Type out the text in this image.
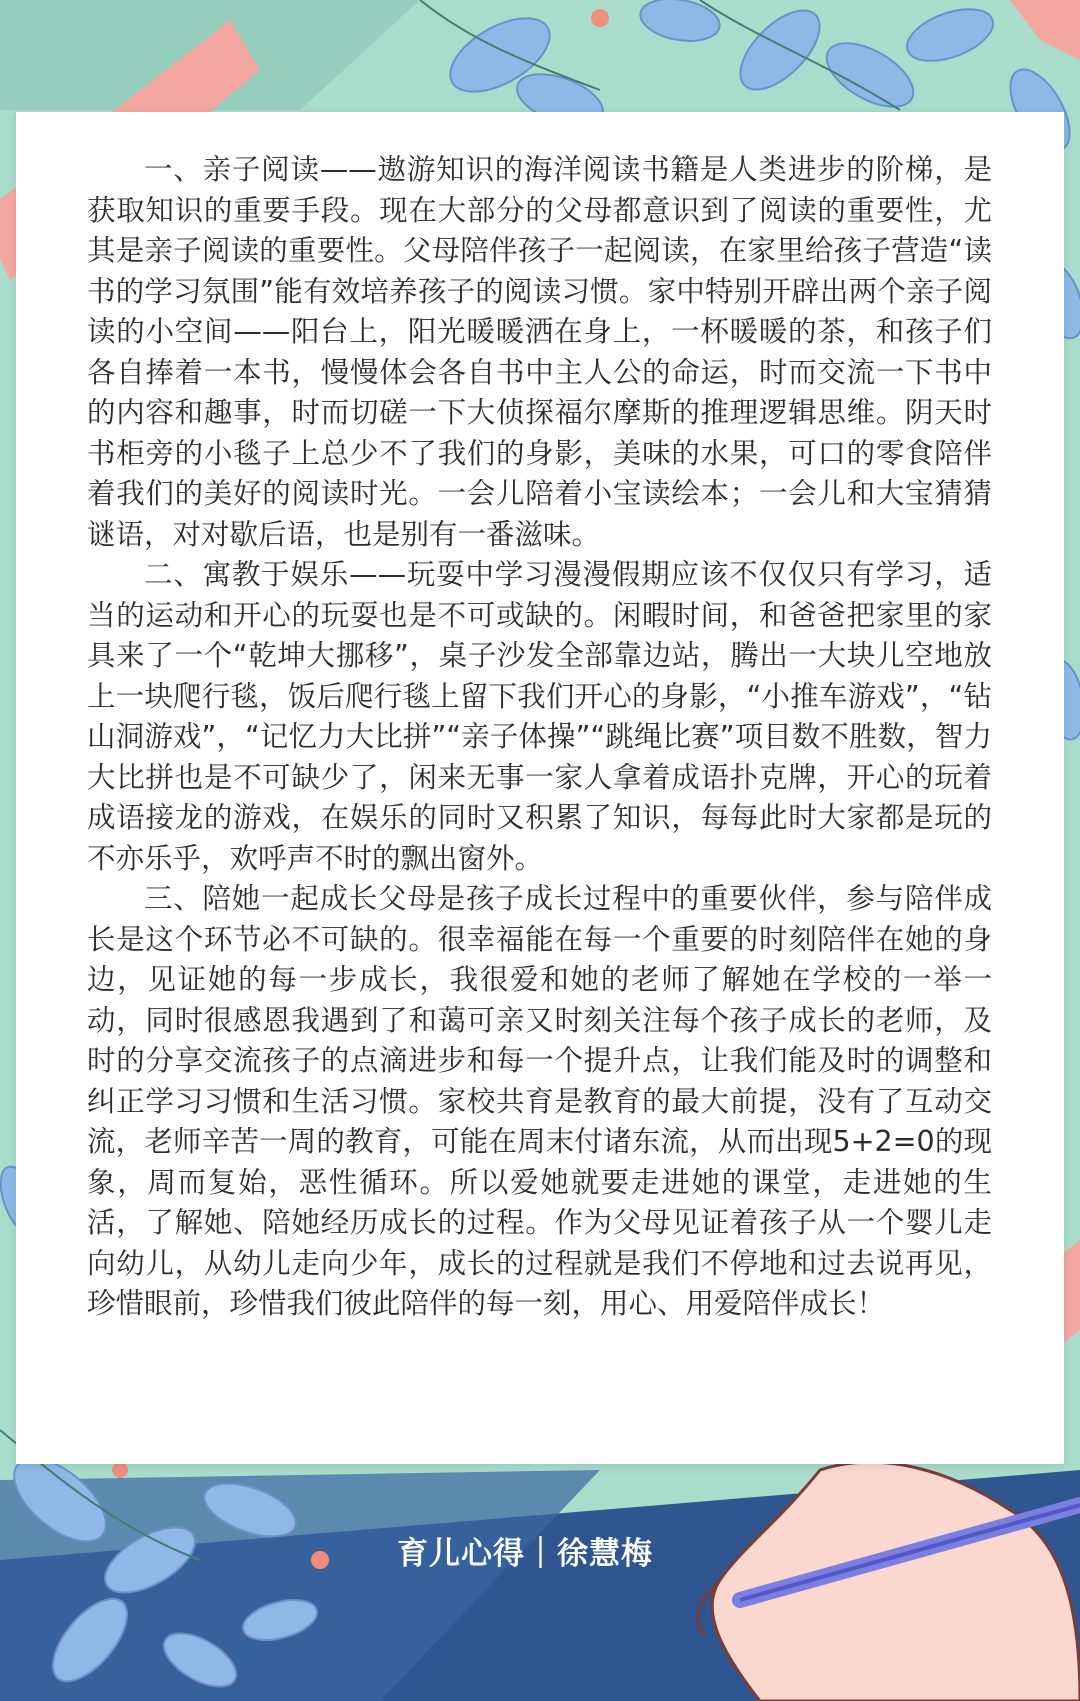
一、亲子阅读——遨游知识的海洋阅读书籍是人类进步的阶梯，是获取知识的重要手段。现在大部分的父母都意识到了阅读的重要性，尤其是亲子阅读的重要性。父母陪伴孩子一起阅读，在家里给孩子营造“读书的学习氛围”能有效培养孩子的阅读习惯。家中特别开辟出两个亲子阅读的小空间——阳台上，阳光暖暖洒在身上，一杯暖暖的茶，和孩子们各自捧着一本书，慢慢体会各自书中主人公的命运，时而交流一下书中的内容和趣事，时而切磋一下大侦探福尔摩斯的推理逻辑思维。阴天时书柜旁的小毯子上总少不了我们的身影，美味的水果，可口的零食陪伴着我们的美好的阅读时光。一会儿陪着小宝读绘本；一会儿和大宝猜猜谜语，对对歇后语，也是别有一番滋味。

二、寓教于娱乐——玩耍中学习漫漫假期应该不仅仅只有学习，适当的运动和开心的玩耍也是不可或缺的。闲暇时间，和爸爸把家里的家具来了一个“乾坤大挪移”，桌子沙发全部靠边站，腾出一大块儿空地放上一块爬行毯，饭后爬行毯上留下我们开心的身影，“小推车游戏”，“钻山洞游戏”，“记忆力大比拼”“亲子体操”“跳绳比赛”项目数不胜数，智力大比拼也是不可缺少了，闲来无事一家人拿着成语扑克牌，开心的玩着成语接龙的游戏，在娱乐的同时又积累了知识，每每此时大家都是玩的不亦乐乎，欢呼声不时的飘出窗外。

三、陪她一起成长父母是孩子成长过程中的重要伙伴，参与陪伴成长是这个环节必不可缺的。很幸福能在每一个重要的时刻陪伴在她的身边，见证她的每一步成长，我很爱和她的老师了解她在学校的一举一动，同时很感恩我遇到了和蔼可亲又时刻关注每个孩子成长的老师，及时的分享交流孩子的点滴进步和每一个提升点，让我们能及时的调整和纠正学习习惯和生活习惯。家校共育是教育的最大前提，没有了互动交流，老师辛苦一周的教育，可能在周末付诸东流，从而出现5+2=0的现象，周而复始，恶性循环。所以爱她就要走进她的课堂，走进她的生活，了解她、陪她经历成长的过程。作为父母见证着孩子从一个婴儿走向幼儿，从幼儿走向少年，成长的过程就是我们不停地和过去说再见，珍惜眼前，珍惜我们彼此陪伴的每一刻，用心、用爱陪伴成长！

育儿心得｜徐慧梅
